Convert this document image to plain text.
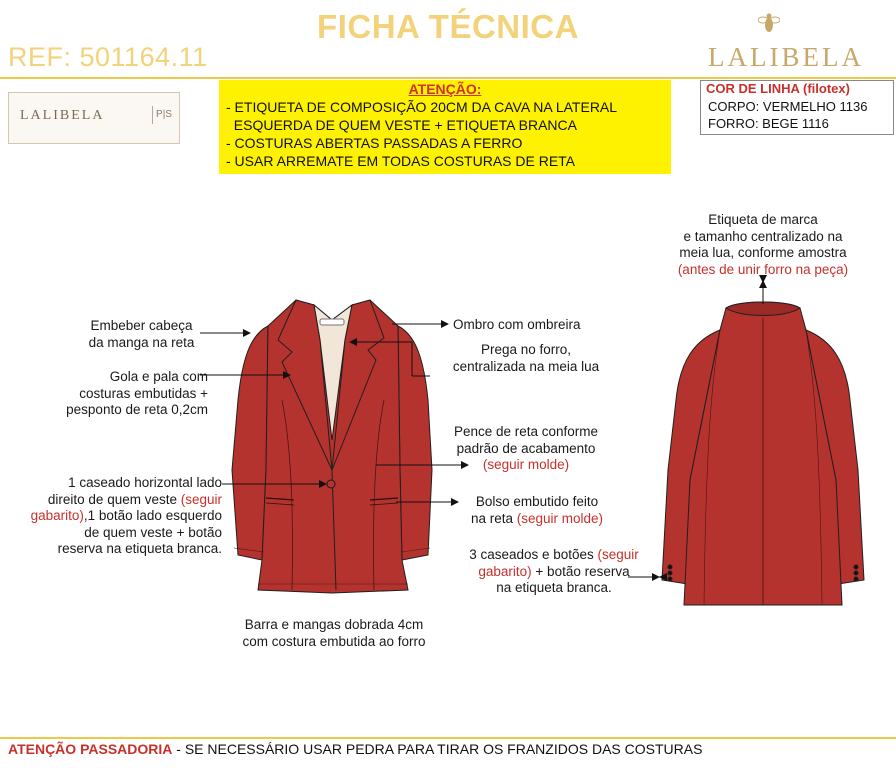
FICHA TÉCNICA
REF: 501164.11	LALIBELA
LALIBELA	P|S
ATENÇÃO:
- ETIQUETA DE COMPOSIÇÃO 20CM DA CAVA NA LATERAL
ESQUERDA DE QUEM VESTE + ETIQUETA BRANCA
- COSTURAS ABERTAS PASSADAS A FERRO
- USAR ARREMATE EM TODAS COSTURAS DE RETA
COR DE LINHA (filotex)
CORPO: VERMELHO 1136
FORRO: BEGE 1116
Embeber cabeça
da manga na reta
Gola e pala com
costuras embutidas +
pesponto de reta 0,2cm
1 caseado horizontal lado
direito de quem veste (seguir
gabarito),1 botão lado esquerdo
de quem veste + botão
reserva na etiqueta branca.
Ombro com ombreira
Prega no forro,
centralizada na meia lua
Pence de reta conforme
padrão de acabamento
(seguir molde)
Bolso embutido feito
na reta (seguir molde)
3 caseados e botões (seguir
gabarito) + botão reserva
na etiqueta branca.
Barra e mangas dobrada 4cm
com costura embutida ao forro
Etiqueta de marca
e tamanho centralizado na
meia lua, conforme amostra
(antes de unir forro na peça)
ATENÇÃO PASSADORIA - SE NECESSÁRIO USAR PEDRA PARA TIRAR OS FRANZIDOS DAS COSTURAS
